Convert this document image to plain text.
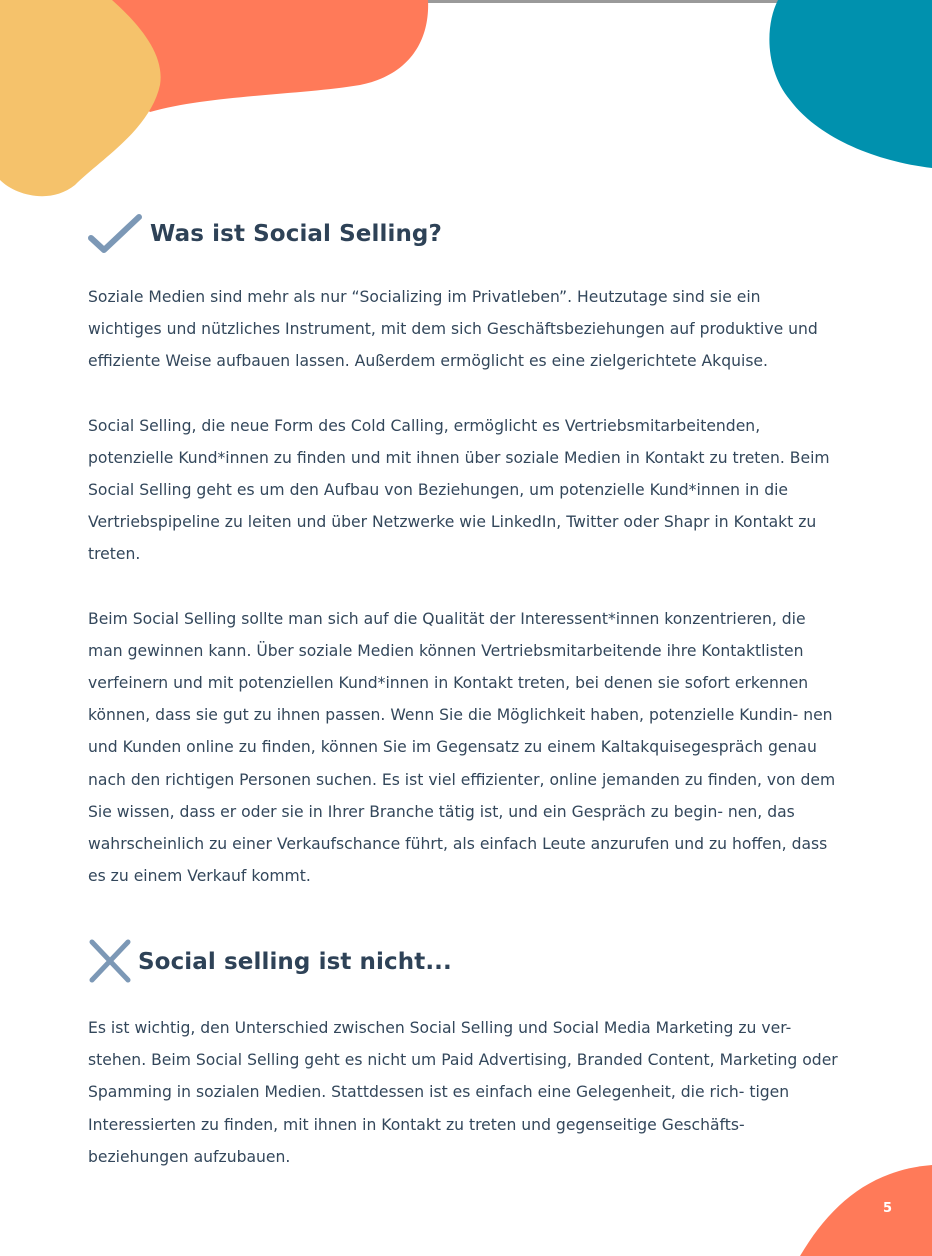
Was ist Social Selling?

Soziale Medien sind mehr als nur “Socializing im Privatleben”. Heutzutage sind sie ein wichtiges und nützliches Instrument, mit dem sich Geschäftsbeziehungen auf produktive und effiziente Weise aufbauen lassen. Außerdem ermöglicht es eine zielgerichtete Akquise.

Social Selling, die neue Form des Cold Calling, ermöglicht es Vertriebsmitarbeitenden, potenzielle Kund*innen zu finden und mit ihnen über soziale Medien in Kontakt zu treten. Beim Social Selling geht es um den Aufbau von Beziehungen, um potenzielle Kund*innen in die Vertriebspipeline zu leiten und über Netzwerke wie LinkedIn, Twitter oder Shapr in Kontakt zu treten.

Beim Social Selling sollte man sich auf die Qualität der Interessent*innen konzentrieren, die man gewinnen kann. Über soziale Medien können Vertriebsmitarbeitende ihre Kontaktlisten verfeinern und mit potenziellen Kund*innen in Kontakt treten, bei denen sie sofort erkennen können, dass sie gut zu ihnen passen. Wenn Sie die Möglichkeit haben, potenzielle Kundin- nen und Kunden online zu finden, können Sie im Gegensatz zu einem Kaltakquisegespräch genau nach den richtigen Personen suchen. Es ist viel effizienter, online jemanden zu finden, von dem Sie wissen, dass er oder sie in Ihrer Branche tätig ist, und ein Gespräch zu begin- nen, das wahrscheinlich zu einer Verkaufschance führt, als einfach Leute anzurufen und zu hoffen, dass es zu einem Verkauf kommt.

Social selling ist nicht...

Es ist wichtig, den Unterschied zwischen Social Selling und Social Media Marketing zu ver- stehen. Beim Social Selling geht es nicht um Paid Advertising, Branded Content, Marketing oder Spamming in sozialen Medien. Stattdessen ist es einfach eine Gelegenheit, die rich- tigen Interessierten zu finden, mit ihnen in Kontakt zu treten und gegenseitige Geschäfts- beziehungen aufzubauen.

5
